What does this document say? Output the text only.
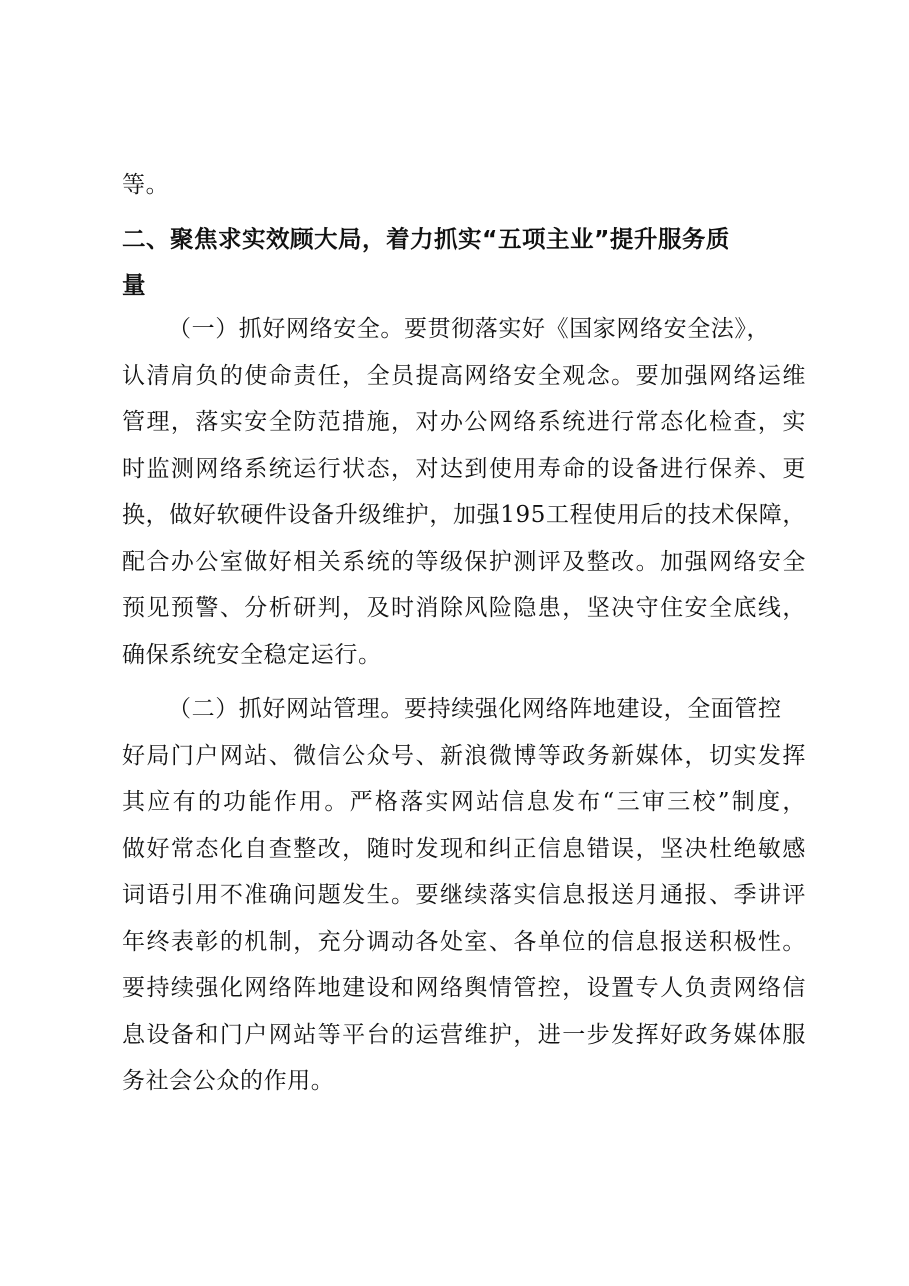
等。
二、聚焦求实效顾大局，着力抓实“五项主业”提升服务质
量
（一）抓好网络安全。要贯彻落实好《国家网络安全法》，
认清肩负的使命责任，全员提高网络安全观念。要加强网络运维
管理，落实安全防范措施，对办公网络系统进行常态化检查，实
时监测网络系统运行状态，对达到使用寿命的设备进行保养、更
换，做好软硬件设备升级维护，加强195工程使用后的技术保障，
配合办公室做好相关系统的等级保护测评及整改。加强网络安全
预见预警、分析研判，及时消除风险隐患，坚决守住安全底线，
确保系统安全稳定运行。
（二）抓好网站管理。要持续强化网络阵地建设，全面管控
好局门户网站、微信公众号、新浪微博等政务新媒体，切实发挥
其应有的功能作用。严格落实网站信息发布“三审三校”制度，
做好常态化自查整改，随时发现和纠正信息错误，坚决杜绝敏感
词语引用不准确问题发生。要继续落实信息报送月通报、季讲评
年终表彰的机制，充分调动各处室、各单位的信息报送积极性。
要持续强化网络阵地建设和网络舆情管控，设置专人负责网络信
息设备和门户网站等平台的运营维护，进一步发挥好政务媒体服
务社会公众的作用。
